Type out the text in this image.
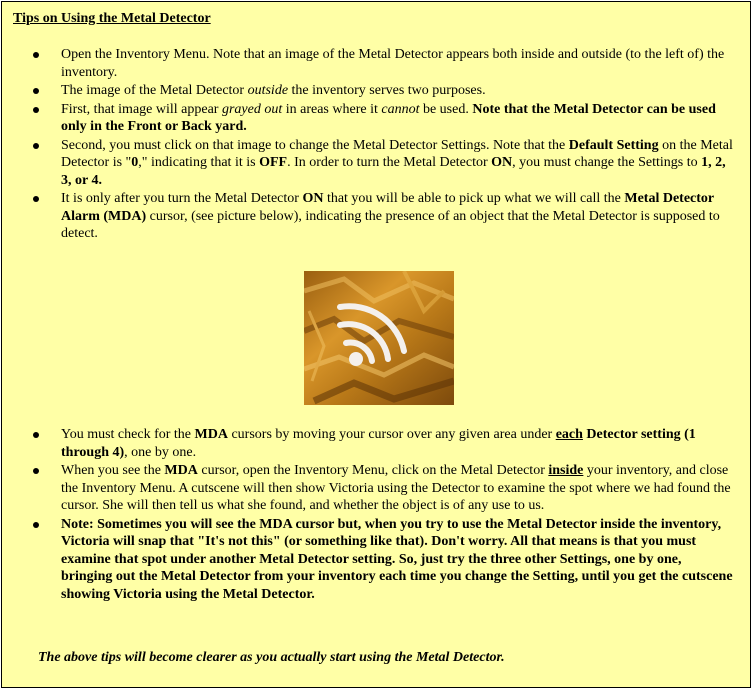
Tips on Using the Metal Detector

Open the Inventory Menu. Note that an image of the Metal Detector appears both inside and outside (to the left of) the inventory.
The image of the Metal Detector outside the inventory serves two purposes.
First, that image will appear grayed out in areas where it cannot be used. Note that the Metal Detector can be used only in the Front or Back yard.
Second, you must click on that image to change the Metal Detector Settings. Note that the Default Setting on the Metal Detector is "0," indicating that it is OFF. In order to turn the Metal Detector ON, you must change the Settings to 1, 2, 3, or 4.
It is only after you turn the Metal Detector ON that you will be able to pick up what we will call the Metal Detector Alarm (MDA) cursor, (see picture below), indicating the presence of an object that the Metal Detector is supposed to detect.
You must check for the MDA cursors by moving your cursor over any given area under each Detector setting (1 through 4), one by one.
When you see the MDA cursor, open the Inventory Menu, click on the Metal Detector inside your inventory, and close the Inventory Menu. A cutscene will then show Victoria using the Detector to examine the spot where we had found the cursor. She will then tell us what she found, and whether the object is of any use to us.
Note: Sometimes you will see the MDA cursor but, when you try to use the Metal Detector inside the inventory, Victoria will snap that "It's not this" (or something like that). Don't worry. All that means is that you must examine that spot under another Metal Detector setting. So, just try the three other Settings, one by one, bringing out the Metal Detector from your inventory each time you change the Setting, until you get the cutscene showing Victoria using the Metal Detector.

The above tips will become clearer as you actually start using the Metal Detector.
